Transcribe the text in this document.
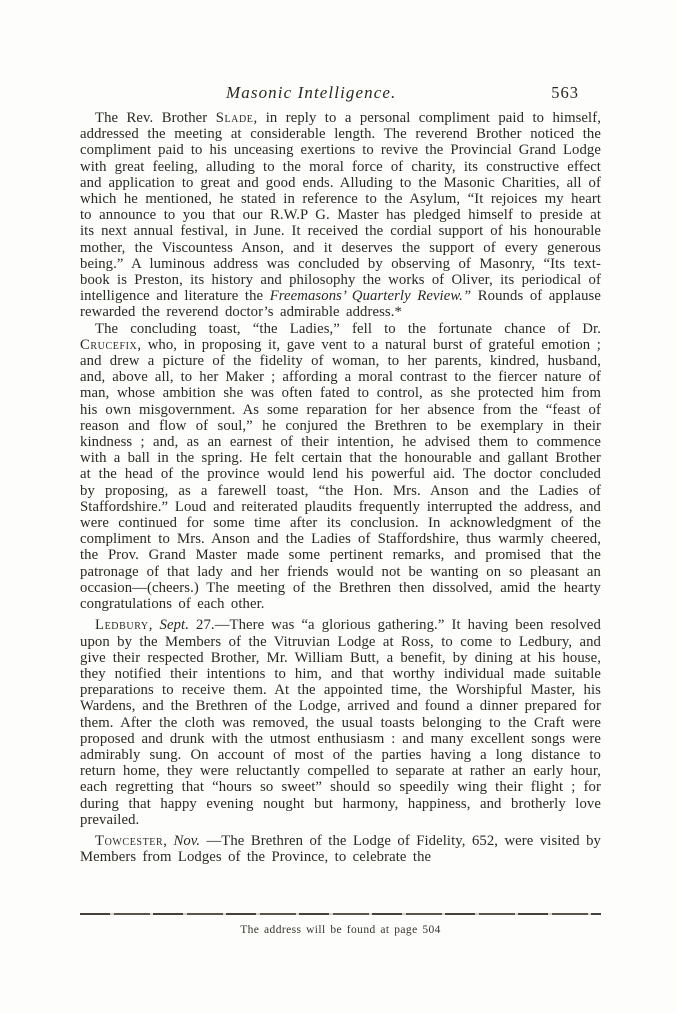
Masonic Intelligence.	563

The Rev. Brother Slade, in reply to a personal compliment paid to himself, addressed the meeting at considerable length. The reverend Brother noticed the compliment paid to his unceasing exertions to revive the Provincial Grand Lodge with great feeling, alluding to the moral force of charity, its constructive effect and application to great and good ends. Alluding to the Masonic Charities, all of which he mentioned, he stated in reference to the Asylum, “It rejoices my heart to announce to you that our R.W.P G. Master has pledged himself to preside at its next annual festival, in June. It received the cordial support of his honourable mother, the Viscountess Anson, and it deserves the support of every generous being.” A luminous address was concluded by observing of Masonry, “Its text-book is Preston, its history and philosophy the works of Oliver, its periodical of intelligence and literature the Freemasons’ Quarterly Review.” Rounds of applause rewarded the reverend doctor’s admirable address.*

The concluding toast, “the Ladies,” fell to the fortunate chance of Dr. Crucefix, who, in proposing it, gave vent to a natural burst of grateful emotion ; and drew a picture of the fidelity of woman, to her parents, kindred, husband, and, above all, to her Maker ; affording a moral contrast to the fiercer nature of man, whose ambition she was often fated to control, as she protected him from his own misgovernment. As some reparation for her absence from the “feast of reason and flow of soul,” he conjured the Brethren to be exemplary in their kindness ; and, as an earnest of their intention, he advised them to commence with a ball in the spring. He felt certain that the honourable and gallant Brother at the head of the province would lend his powerful aid. The doctor concluded by proposing, as a farewell toast, “the Hon. Mrs. Anson and the Ladies of Staffordshire.” Loud and reiterated plaudits frequently interrupted the address, and were continued for some time after its conclusion. In acknowledgment of the compliment to Mrs. Anson and the Ladies of Staffordshire, thus warmly cheered, the Prov. Grand Master made some pertinent remarks, and promised that the patronage of that lady and her friends would not be wanting on so pleasant an occasion—(cheers.) The meeting of the Brethren then dissolved, amid the hearty congratulations of each other.

Ledbury, Sept. 27.—There was “a glorious gathering.” It having been resolved upon by the Members of the Vitruvian Lodge at Ross, to come to Ledbury, and give their respected Brother, Mr. William Butt, a benefit, by dining at his house, they notified their intentions to him, and that worthy individual made suitable preparations to receive them. At the appointed time, the Worshipful Master, his Wardens, and the Brethren of the Lodge, arrived and found a dinner prepared for them. After the cloth was removed, the usual toasts belonging to the Craft were proposed and drunk with the utmost enthusiasm : and many excellent songs were admirably sung. On account of most of the parties having a long distance to return home, they were reluctantly compelled to separate at rather an early hour, each regretting that “hours so sweet” should so speedily wing their flight ; for during that happy evening nought but harmony, happiness, and brotherly love prevailed.

Towcester, Nov. —The Brethren of the Lodge of Fidelity, 652, were visited by Members from Lodges of the Province, to celebrate the

The address will be found at page 504
